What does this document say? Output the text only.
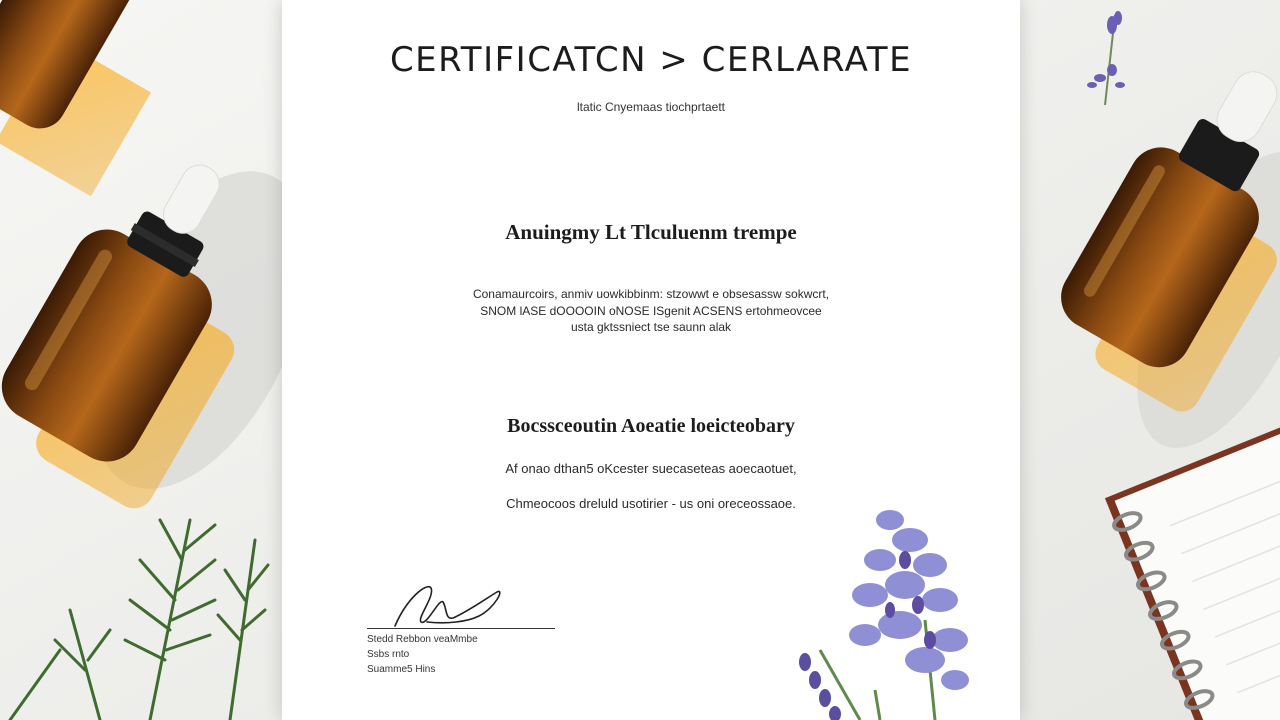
CERTIFICATCN > CERLARATE
ltatic Cnyemaas tiochprtaett
Anuingmy Lt Tlculuenm trempe
Conamaurcoirs, anmiv uowkibbinm: stzowwt e obsesassw sokwcrt,
SNOM lASE dOOOOIN oNOSE ISgenit ACSENS ertohmeovcee
usta gktssniect tse saunn alak
Bocssceoutin Aoeatie loeicteobary
Af onao dthan5 oKcester suecaseteas aoecaotuet,
Chmeocoos dreluld usotirier - us oni oreceossaoe.
Stedd Rebbon veaMmbe
Ssbs rnto
Suamme5 Hins
